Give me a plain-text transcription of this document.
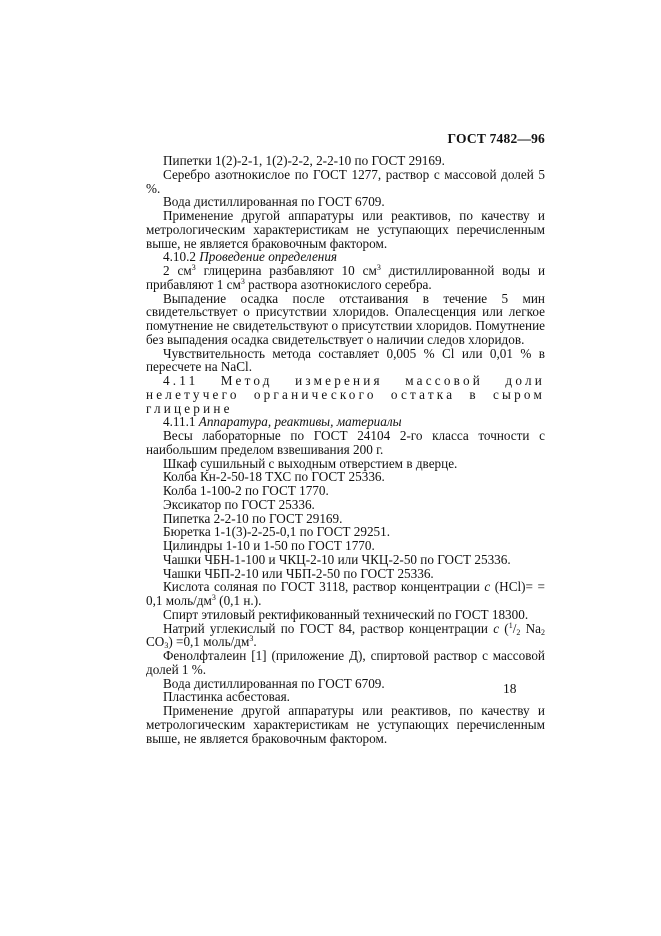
ГОСТ 7482—96

Пипетки 1(2)-2-1, 1(2)-2-2, 2-2-10 по ГОСТ 29169.

Серебро азотнокислое по ГОСТ 1277, раствор с массовой долей 5 %.

Вода дистиллированная по ГОСТ 6709.

Применение другой аппаратуры или реактивов, по качеству и метрологическим характеристикам не уступающих перечисленным выше, не является браковочным фактором.

4.10.2 Проведение определения

2 $см^3$ глицерина разбавляют 10 $см^3$ дистиллированной воды и прибавляют 1 $см^3$ раствора азотнокислого серебра.

Выпадение осадка после отстаивания в течение 5 мин свидетельствует о присутствии хлоридов. Опалесценция или легкое помутнение не свидетельствуют о присутствии хлоридов. Помутнение без выпадения осадка свидетельствует о наличии следов хлоридов.

Чувствительность метода составляет 0,005 % Cl или 0,01 % в пересчете на NaCl.

4.11 Метод измерения массовой доли нелетучего органического остатка в сыром глицерине

4.11.1 Аппаратура, реактивы, материалы

Весы лабораторные по ГОСТ 24104 2-го класса точности с наибольшим пределом взвешивания 200 г.

Шкаф сушильный с выходным отверстием в дверце.

Колба Кн-2-50-18 ТХС по ГОСТ 25336.

Колба 1-100-2 по ГОСТ 1770.

Эксикатор по ГОСТ 25336.

Пипетка 2-2-10 по ГОСТ 29169.

Бюретка 1-1(3)-2-25-0,1 по ГОСТ 29251.

Цилиндры 1-10 и 1-50 по ГОСТ 1770.

Чашки ЧБН-1-100 и ЧКЦ-2-10 или ЧКЦ-2-50 по ГОСТ 25336.

Чашки ЧБП-2-10 или ЧБП-2-50 по ГОСТ 25336.

Кислота соляная по ГОСТ 3118, раствор концентрации c (HCl)= = 0,1 моль/$дм^3$ (0,1 н.).

Спирт этиловый ректификованный технический по ГОСТ 18300.

Натрий углекислый по ГОСТ 84, раствор концентрации c ($^1/_2$ $Na_2$ $CO_3) =0,1$ моль/$дм^3$.

Фенолфталеин [1] (приложение Д), спиртовой раствор с массовой долей 1 %.

Вода дистиллированная по ГОСТ 6709.

Пластинка асбестовая.

Применение другой аппаратуры или реактивов, по качеству и метрологическим характеристикам не уступающих перечисленным выше, не является браковочным фактором.

18
